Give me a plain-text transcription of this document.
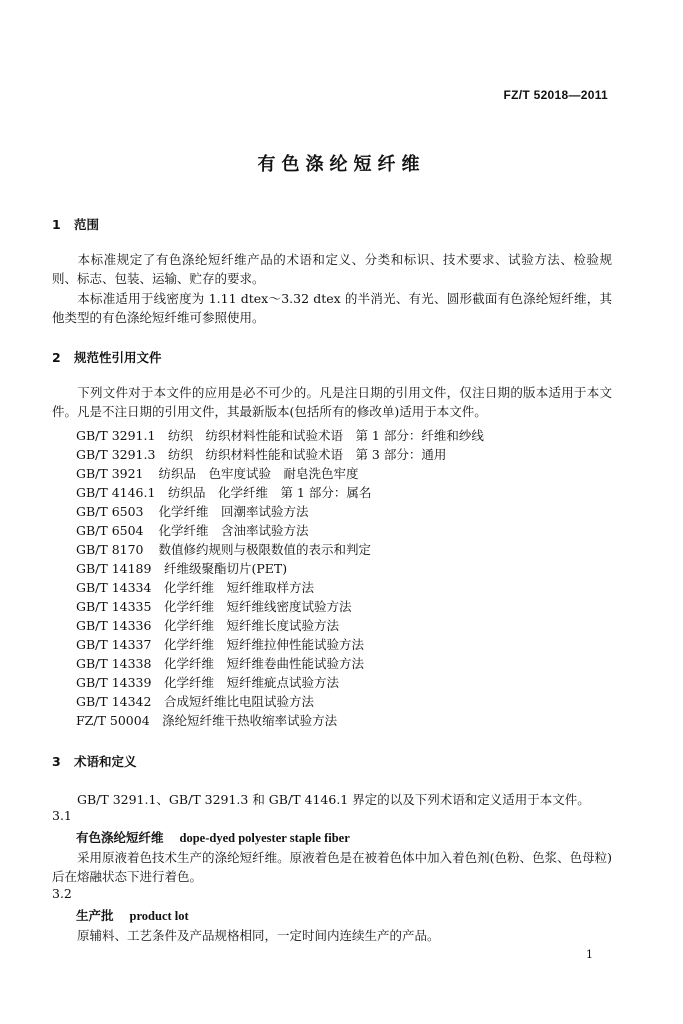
FZ/T 52018—2011
有色涤纶短纤维
1 范围
本标准规定了有色涤纶短纤维产品的术语和定义、分类和标识、技术要求、试验方法、检验规则、标志、包装、运输、贮存的要求。
本标准适用于线密度为 1.11 dtex～3.32 dtex 的半消光、有光、圆形截面有色涤纶短纤维，其他类型的有色涤纶短纤维可参照使用。
2 规范性引用文件
下列文件对于本文件的应用是必不可少的。凡是注日期的引用文件，仅注日期的版本适用于本文件。凡是不注日期的引用文件，其最新版本(包括所有的修改单)适用于本文件。
GB/T 3291.1　 纺织　纺织材料性能和试验术语　第 1 部分：纤维和纱线
GB/T 3291.3　 纺织　纺织材料性能和试验术语　第 3 部分：通用
GB/T 3921　 纺织品　色牢度试验　耐皂洗色牢度
GB/T 4146.1　 纺织品　化学纤维　第 1 部分：属名
GB/T 6503　 化学纤维　回潮率试验方法
GB/T 6504　 化学纤维　含油率试验方法
GB/T 8170　 数值修约规则与极限数值的表示和判定
GB/T 14189　 纤维级聚酯切片(PET)
GB/T 14334　 化学纤维　短纤维取样方法
GB/T 14335　 化学纤维　短纤维线密度试验方法
GB/T 14336　 化学纤维　短纤维长度试验方法
GB/T 14337　 化学纤维　短纤维拉伸性能试验方法
GB/T 14338　 化学纤维　短纤维卷曲性能试验方法
GB/T 14339　 化学纤维　短纤维疵点试验方法
GB/T 14342　 合成短纤维比电阻试验方法
FZ/T 50004　 涤纶短纤维干热收缩率试验方法
3 术语和定义
GB/T 3291.1、GB/T 3291.3 和 GB/T 4146.1 界定的以及下列术语和定义适用于本文件。
3.1
有色涤纶短纤维 dope-dyed polyester staple fiber
采用原液着色技术生产的涤纶短纤维。原液着色是在被着色体中加入着色剂(色粉、色浆、色母粒)后在熔融状态下进行着色。
3.2
生产批 product lot
原辅料、工艺条件及产品规格相同，一定时间内连续生产的产品。
1
